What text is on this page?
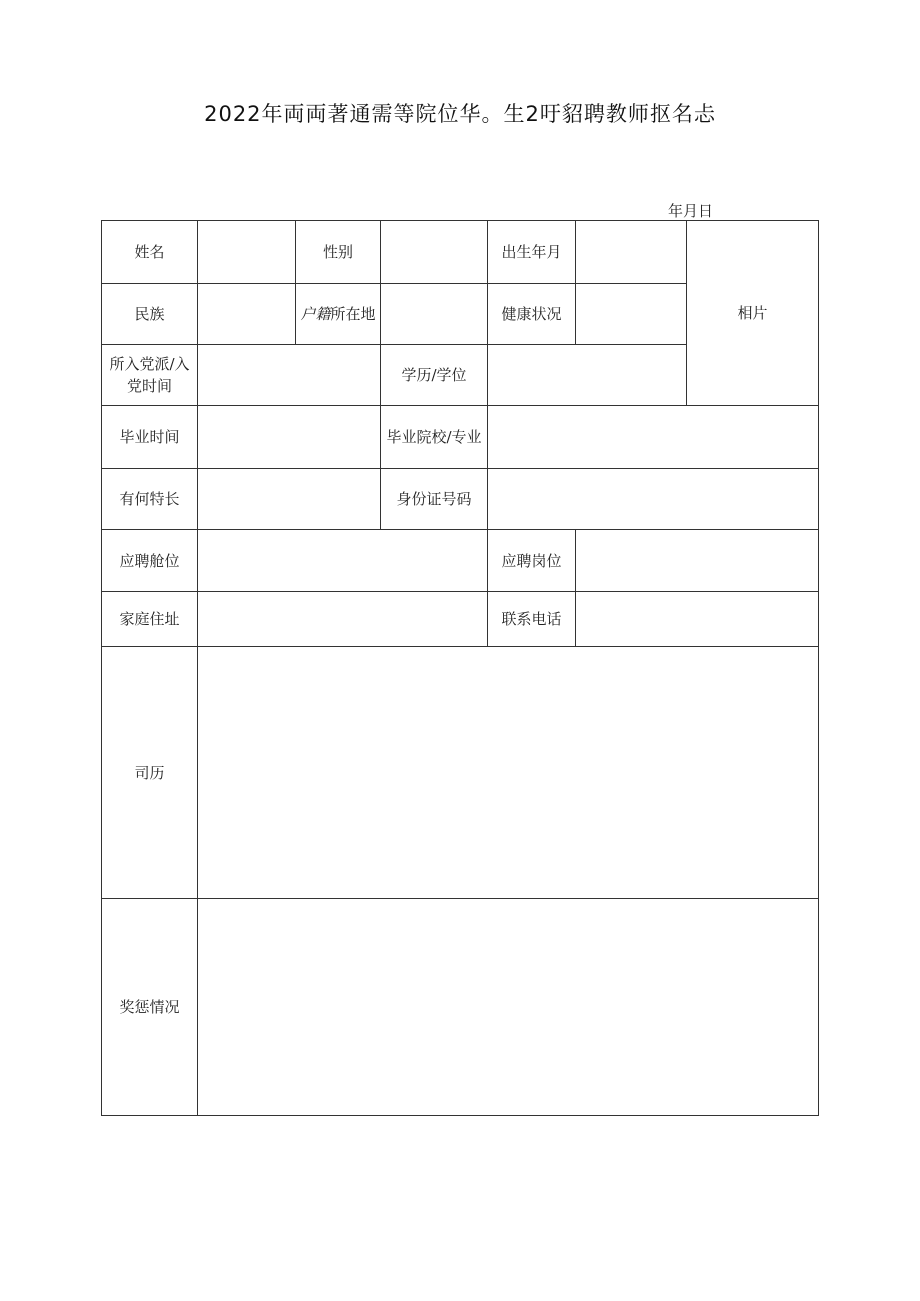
2022年両両著通需等院位华。生2吁貂聘教师抠名忐
年月日
姓名		性别		出生年月		相片
民族		户籍所在地		健康状况		
所入党派/入党时间			学历/学位			
毕业时间			毕业院校/专业			
有何特长			身份证号码			
应聘舱位				应聘岗位		
家庭住址				联系电话		
司历						
奖惩情况						
